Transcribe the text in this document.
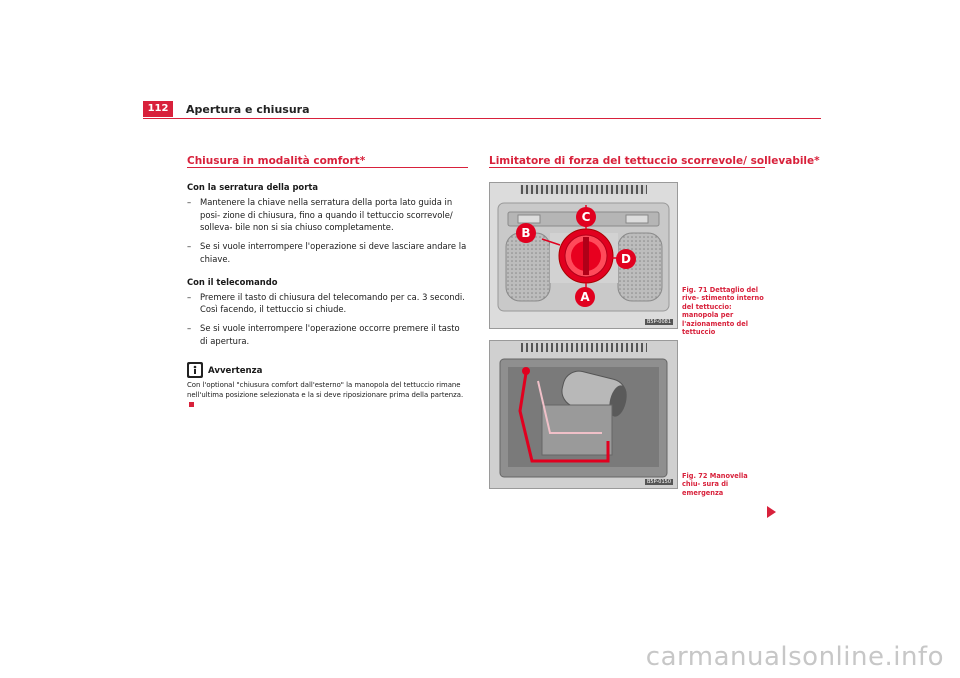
112	Apertura e chiusura
Chiusura in modalità comfort*
Con la serratura della porta
– Mantenere la chiave nella serratura della porta lato guida in posi- zione di chiusura, fino a quando il tettuccio scorrevole/ solleva- bile non si sia chiuso completamente.
– Se si vuole interrompere l'operazione si deve lasciare andare la chiave.
Con il telecomando
– Premere il tasto di chiusura del telecomando per ca. 3 secondi. Così facendo, il tettuccio si chiude.
– Se si vuole interrompere l'operazione occorre premere il tasto di apertura.
Avvertenza
Con l'optional "chiusura comfort dall'esterno" la manopola del tettuccio rimane nell'ultima posizione selezionata e la si deve riposizionare prima della partenza.
Limitatore di forza del tettuccio scorrevole/ sollevabile*
A
B
C
D
B5P-0081
Fig. 71 Dettaglio del rive- stimento interno del tettuccio: manopola per l'azionamento del tettuccio
B5P-0150
Fig. 72 Manovella chiu- sura di emergenza
carmanualsonline.info
